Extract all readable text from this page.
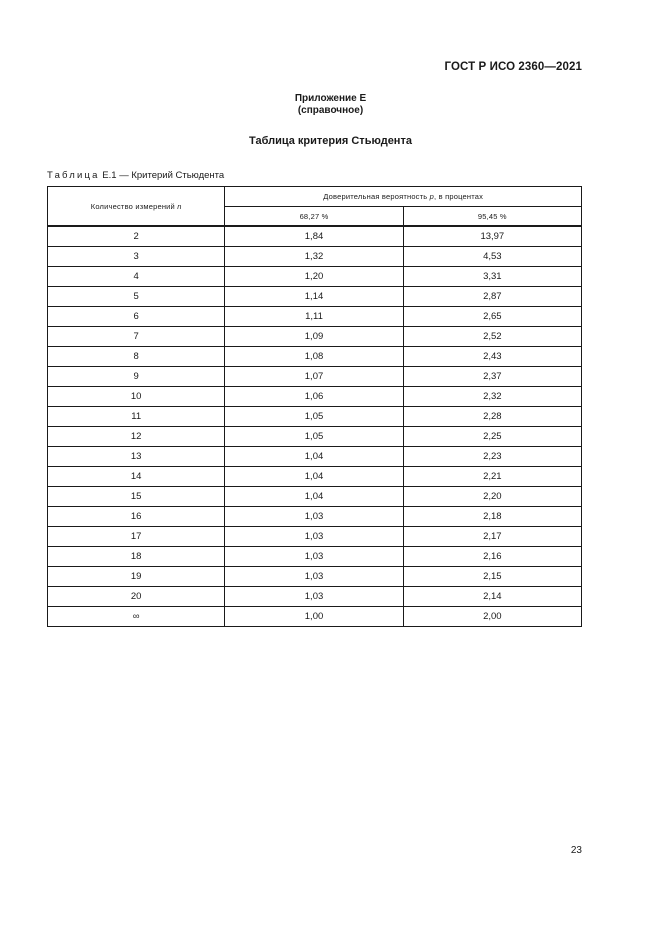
ГОСТ Р ИСО 2360—2021
Приложение Е
(справочное)
Таблица критерия Стьюдента
Таблица Е.1 — Критерий Стьюдента
Количество измерений n	Доверительная вероятность p, в процентах	
	68,27 %	95,45 %
2	1,84	13,97
3	1,32	4,53
4	1,20	3,31
5	1,14	2,87
6	1,11	2,65
7	1,09	2,52
8	1,08	2,43
9	1,07	2,37
10	1,06	2,32
11	1,05	2,28
12	1,05	2,25
13	1,04	2,23
14	1,04	2,21
15	1,04	2,20
16	1,03	2,18
17	1,03	2,17
18	1,03	2,16
19	1,03	2,15
20	1,03	2,14
∞	1,00	2,00
23
